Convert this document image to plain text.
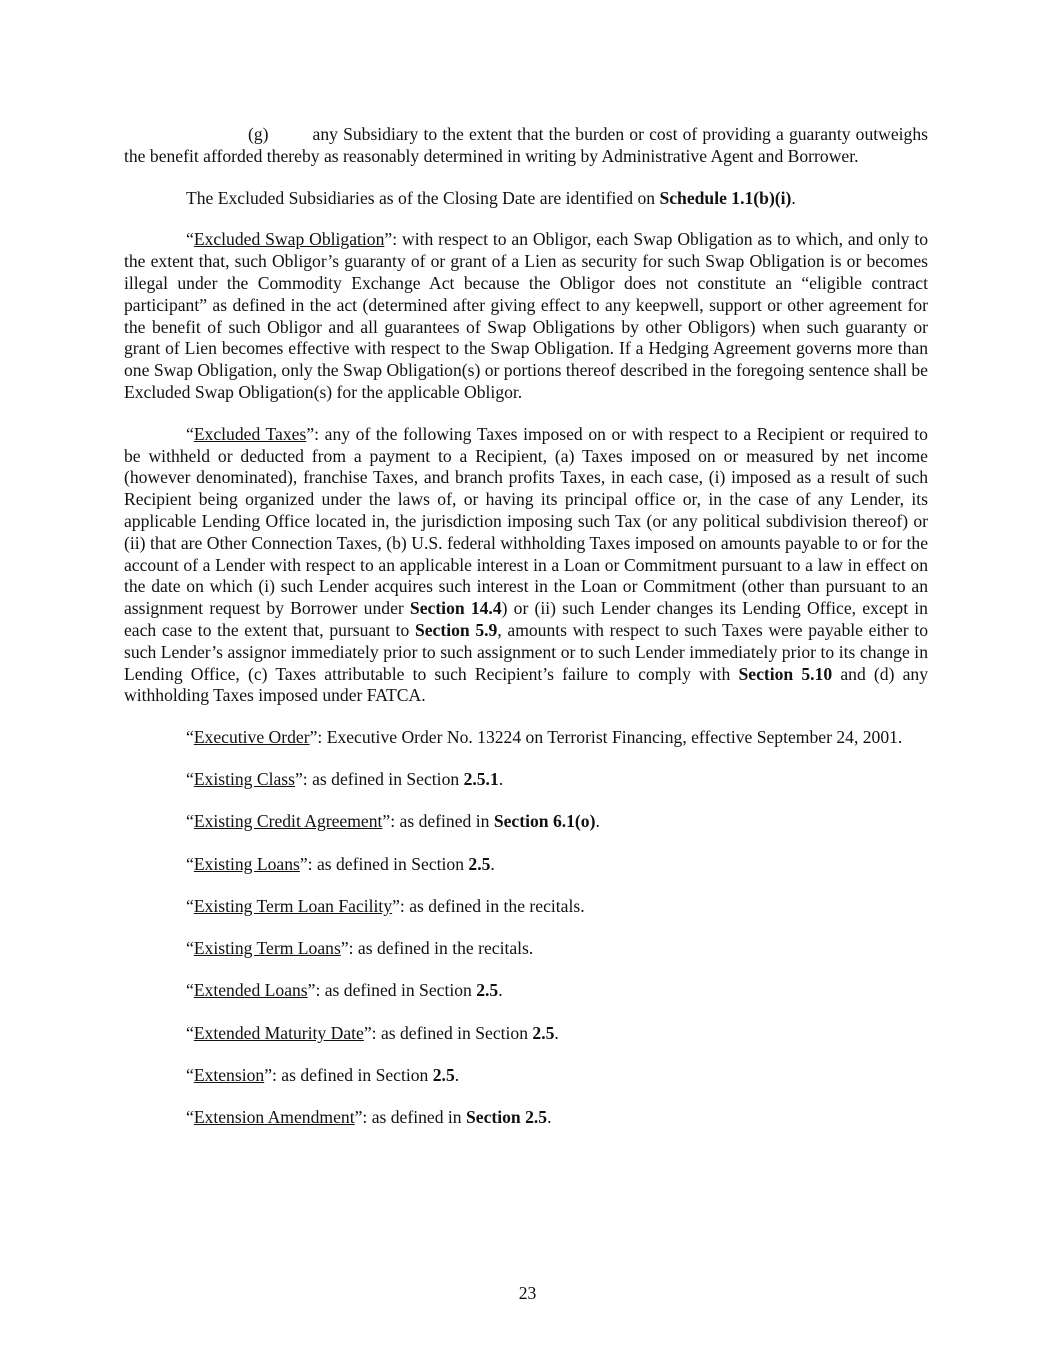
(g)	any Subsidiary to the extent that the burden or cost of providing a guaranty outweighs the benefit afforded thereby as reasonably determined in writing by Administrative Agent and Borrower.

The Excluded Subsidiaries as of the Closing Date are identified on Schedule 1.1(b)(i).

“Excluded Swap Obligation”: with respect to an Obligor, each Swap Obligation as to which, and only to the extent that, such Obligor’s guaranty of or grant of a Lien as security for such Swap Obligation is or becomes illegal under the Commodity Exchange Act because the Obligor does not constitute an “eligible contract participant” as defined in the act (determined after giving effect to any keepwell, support or other agreement for the benefit of such Obligor and all guarantees of Swap Obligations by other Obligors) when such guaranty or grant of Lien becomes effective with respect to the Swap Obligation. If a Hedging Agreement governs more than one Swap Obligation, only the Swap Obligation(s) or portions thereof described in the foregoing sentence shall be Excluded Swap Obligation(s) for the applicable Obligor.

“Excluded Taxes”: any of the following Taxes imposed on or with respect to a Recipient or required to be withheld or deducted from a payment to a Recipient, (a) Taxes imposed on or measured by net income (however denominated), franchise Taxes, and branch profits Taxes, in each case, (i) imposed as a result of such Recipient being organized under the laws of, or having its principal office or, in the case of any Lender, its applicable Lending Office located in, the jurisdiction imposing such Tax (or any political subdivision thereof) or (ii) that are Other Connection Taxes, (b) U.S. federal withholding Taxes imposed on amounts payable to or for the account of a Lender with respect to an applicable interest in a Loan or Commitment pursuant to a law in effect on the date on which (i) such Lender acquires such interest in the Loan or Commitment (other than pursuant to an assignment request by Borrower under Section 14.4) or (ii) such Lender changes its Lending Office, except in each case to the extent that, pursuant to Section 5.9, amounts with respect to such Taxes were payable either to such Lender’s assignor immediately prior to such assignment or to such Lender immediately prior to its change in Lending Office, (c) Taxes attributable to such Recipient’s failure to comply with Section 5.10 and (d) any withholding Taxes imposed under FATCA.

“Executive Order”: Executive Order No. 13224 on Terrorist Financing, effective September 24, 2001.

“Existing Class”: as defined in Section 2.5.1.

“Existing Credit Agreement”: as defined in Section 6.1(o).

“Existing Loans”: as defined in Section 2.5.

“Existing Term Loan Facility”: as defined in the recitals.

“Existing Term Loans”: as defined in the recitals.

“Extended Loans”: as defined in Section 2.5.

“Extended Maturity Date”: as defined in Section 2.5.

“Extension”: as defined in Section 2.5.

“Extension Amendment”: as defined in Section 2.5.

23
